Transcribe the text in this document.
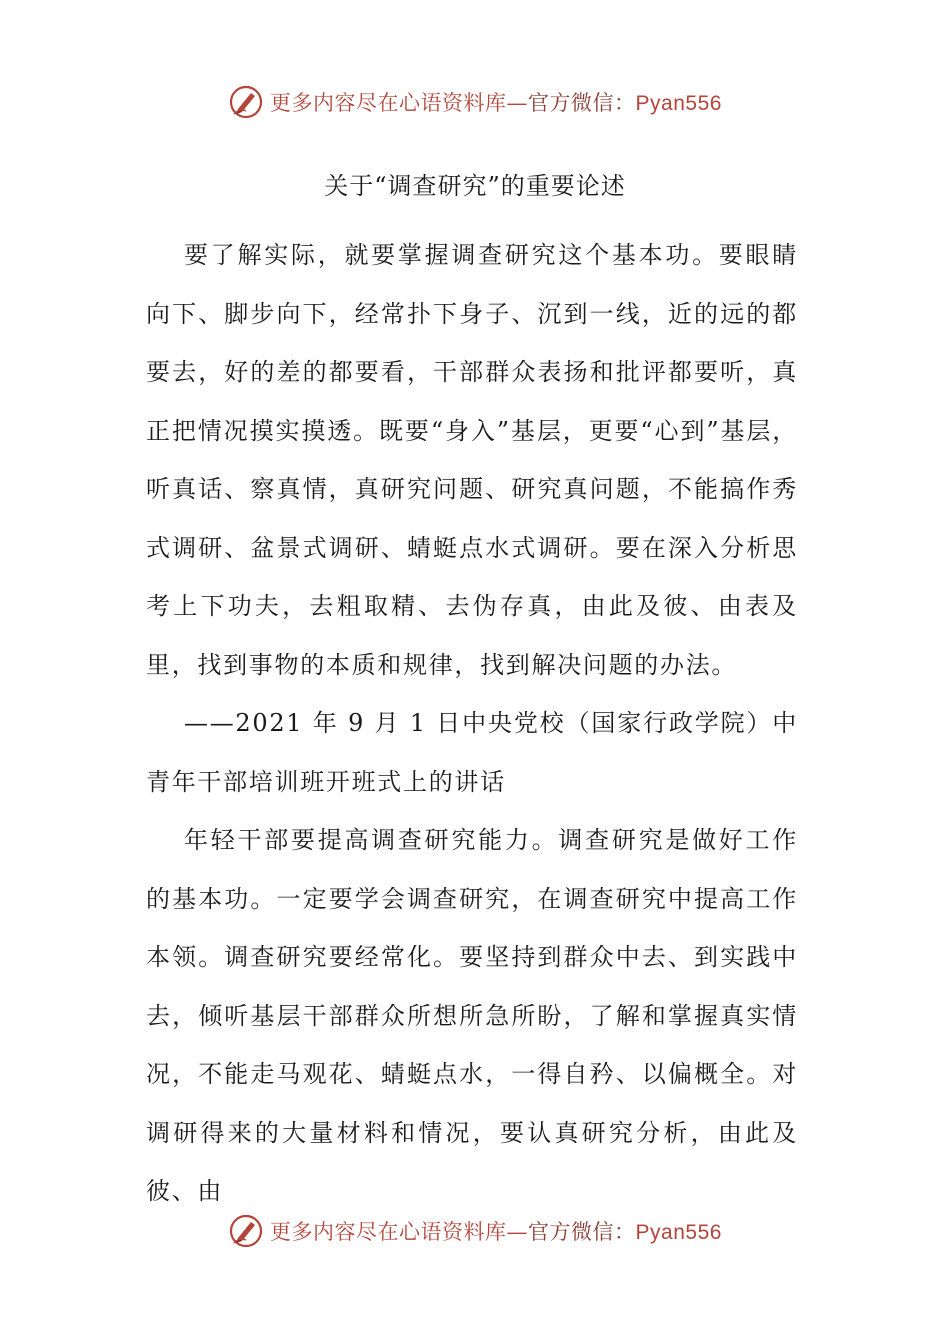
更多内容尽在心语资料库—官方微信：Pyan556
关于“调查研究”的重要论述

要了解实际，就要掌握调查研究这个基本功。要眼睛向下、脚步向下，经常扑下身子、沉到一线，近的远的都要去，好的差的都要看，干部群众表扬和批评都要听，真正把情况摸实摸透。既要“身入”基层，更要“心到”基层，听真话、察真情，真研究问题、研究真问题，不能搞作秀式调研、盆景式调研、蜻蜓点水式调研。要在深入分析思考上下功夫，去粗取精、去伪存真，由此及彼、由表及里，找到事物的本质和规律，找到解决问题的办法。

——2021 年 9 月 1 日中央党校（国家行政学院）中青年干部培训班开班式上的讲话

年轻干部要提高调查研究能力。调查研究是做好工作的基本功。一定要学会调查研究，在调查研究中提高工作本领。调查研究要经常化。要坚持到群众中去、到实践中去，倾听基层干部群众所想所急所盼，了解和掌握真实情况，不能走马观花、蜻蜓点水，一得自矜、以偏概全。对调研得来的大量材料和情况，要认真研究分析，由此及彼、由

更多内容尽在心语资料库—官方微信：Pyan556
